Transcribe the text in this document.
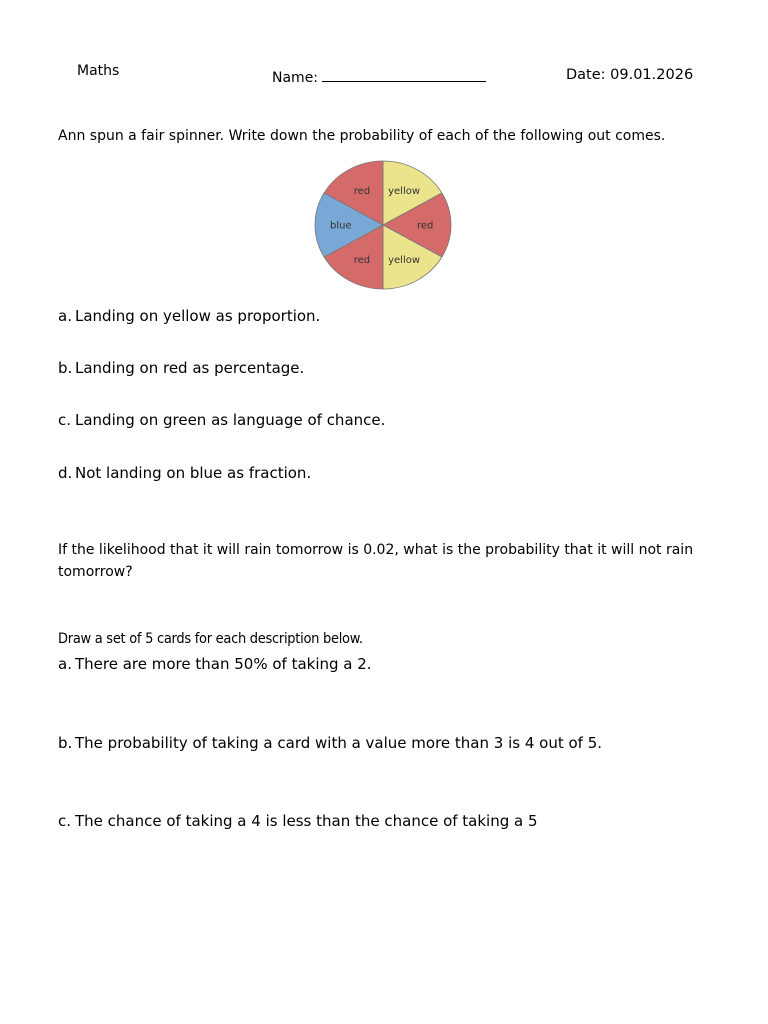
Maths	Name:	Date: 09.01.2026
Ann spun a fair spinner. Write down the probability of each of the following out comes.
yellow
red
yellow
red
blue
red
a. Landing on yellow as proportion.
b. Landing on red as percentage.
c. Landing on green as language of chance.
d. Not landing on blue as fraction.
If the likelihood that it will rain tomorrow is 0.02, what is the probability that it will not rain tomorrow?
Draw a set of 5 cards for each description below.
a. There are more than 50% of taking a 2.
b. The probability of taking a card with a value more than 3 is 4 out of 5.
c. The chance of taking a 4 is less than the chance of taking a 5
